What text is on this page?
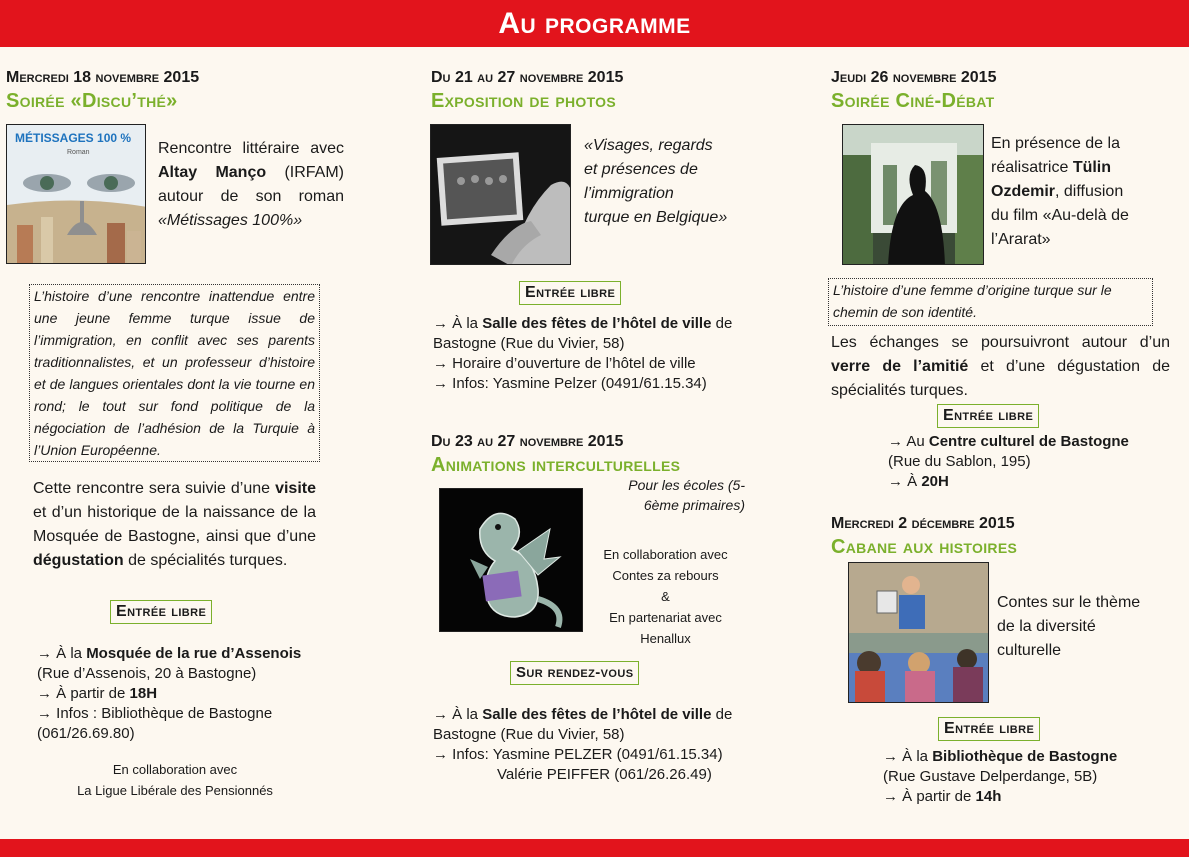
Au programme
Mercredi 18 novembre 2015
Soirée «Discu’thé»
MÉTISSAGES 100 %
Roman	Rencontre littéraire avec Altay Manço (IRFAM) autour de son roman «Métissages 100%»
L’histoire d’une rencontre inattendue entre une jeune femme turque issue de l’immigration, en conflit avec ses parents traditionnalistes, et un professeur d’histoire et de langues orientales dont la vie tourne en rond; le tout sur fond politique de la négociation de l’adhésion de la Turquie à l’Union Européenne.
Cette rencontre sera suivie d’une visite et d’un historique de la naissance de la Mosquée de Bastogne, ainsi que d’une dégustation de spécialités turques.
Entrée libre
→ À la Mosquée de la rue d’Assenois
(Rue d’Assenois, 20 à Bastogne)
→ À partir de 18H
→ Infos : Bibliothèque de Bastogne
(061/26.69.80)
En collaboration avec
La Ligue Libérale des Pensionnés
Du 21 au 27 novembre 2015
Exposition de photos
«Visages, regards
et présences de
l’immigration
turque en Belgique»
Entrée libre
→ À la Salle des fêtes de l’hôtel de ville de
Bastogne (Rue du Vivier, 58)
→ Horaire d’ouverture de l’hôtel de ville
→ Infos: Yasmine Pelzer (0491/61.15.34)
Du 23 au 27 novembre 2015
Animations interculturelles
Pour les écoles (5-
6ème primaires)
En collaboration avec
Contes za rebours
&
En partenariat avec
Henallux
Sur rendez-vous
→ À la Salle des fêtes de l’hôtel de ville de
Bastogne (Rue du Vivier, 58)
→ Infos: Yasmine PELZER (0491/61.15.34)
Valérie PEIFFER (061/26.26.49)
Jeudi 26 novembre 2015
Soirée Ciné-Débat
En présence de la
réalisatrice Tülin
Ozdemir, diffusion
du film «Au-delà de
l’Ararat»
L’histoire d’une femme d’origine turque sur le chemin de son identité.
Les échanges se poursuivront autour d’un verre de l’amitié et d’une dégustation de spécialités turques.
Entrée libre
→ Au Centre culturel de Bastogne
(Rue du Sablon, 195)
→ À 20H
Mercredi 2 décembre 2015
Cabane aux histoires
Contes sur le thème
de la diversité
culturelle
Entrée libre
→ À la Bibliothèque de Bastogne
(Rue Gustave Delperdange, 5B)
→ À partir de 14h
